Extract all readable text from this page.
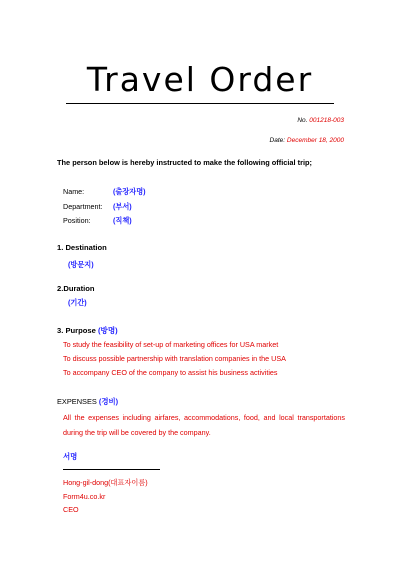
Travel Order
No. 001218-003
Date: December 18, 2000
The person below is hereby instructed to make the following official trip;
Name:	(출장자명)
Department: (부서)
Position:	(직책)
1. Destination
(방문지)
2.Duration
(기간)
3. Purpose (방명)
To study the feasibility of set-up of marketing offices for USA market
To discuss possible partnership with translation companies in the USA
To accompany CEO of the company to assist his business activities
EXPENSES (경비)
All the expenses including airfares, accommodations, food, and local transportations during the trip will be covered by the company.
서명
Hong-gil-dong(대표자이름)
Form4u.co.kr
CEO
